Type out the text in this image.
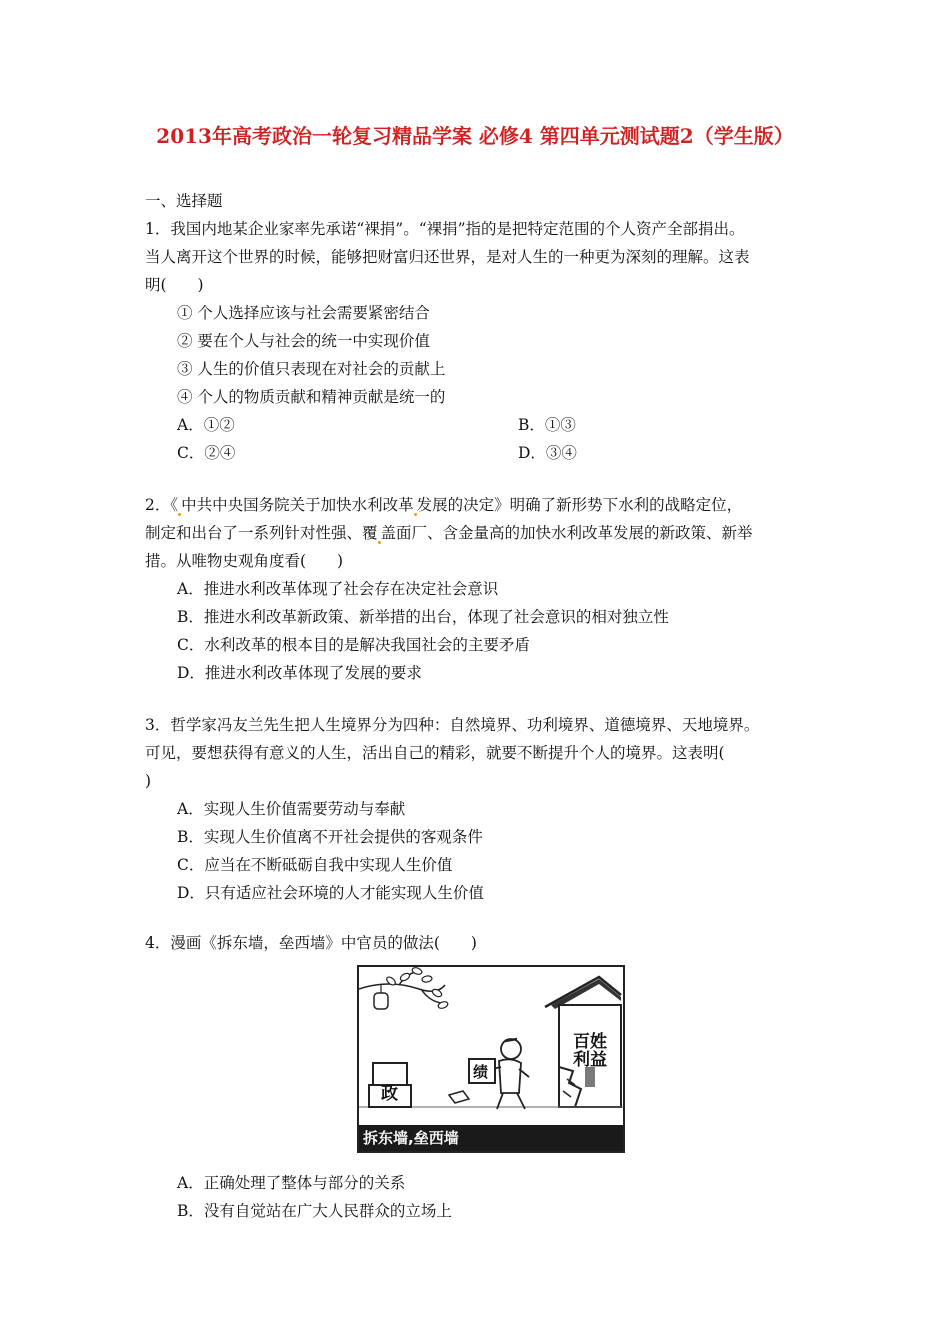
2013年高考政治一轮复习精品学案 必修4 第四单元测试题2（学生版）
一、选择题
1．我国内地某企业家率先承诺“裸捐”。“裸捐”指的是把特定范围的个人资产全部捐出。
当人离开这个世界的时候，能够把财富归还世界，是对人生的一种更为深刻的理解。这表
明(　　)
① 个人选择应该与社会需要紧密结合
② 要在个人与社会的统一中实现价值
③ 人生的价值只表现在对社会的贡献上
④ 个人的物质贡献和精神贡献是统一的
A．①②	B．①③
C．②④	D．③④
2．《 中共中央国务院关于加快水利改革 发展的决定》明确了新形势下水利的战略定位，
制定和出台了一系列针对性强、覆 盖面厂、含金量高的加快水利改革发展的新政策、新举
措。从唯物史观角度看(　　)
A．推进水利改革体现了社会存在决定社会意识
B．推进水利改革新政策、新举措的出台，体现了社会意识的相对独立性
C．水利改革的根本目的是解决我国社会的主要矛盾
D．推进水利改革体现了发展的要求
3．哲学家冯友兰先生把人生境界分为四种：自然境界、功利境界、道德境界、天地境界。
可见，要想获得有意义的人生，活出自己的精彩，就要不断提升个人的境界。这表明(
)
A．实现人生价值需要劳动与奉献
B．实现人生价值离不开社会提供的客观条件
C．应当在不断砥砺自我中实现人生价值
D．只有适应社会环境的人才能实现人生价值
4．漫画《拆东墙，垒西墙》中官员的做法(　　)
政
绩
百姓
利益
拆东墙,垒西墙
A．正确处理了整体与部分的关系
B．没有自觉站在广大人民群众的立场上
